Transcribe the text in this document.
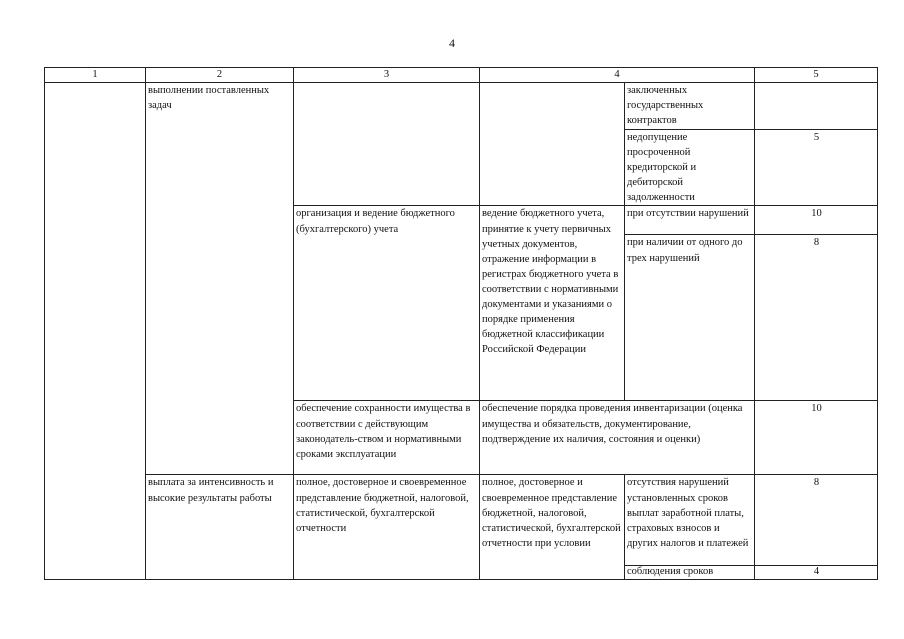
4
1	2	3	4		5
	выполнении поставленных задач			заключенных государственных контрактов	
				недопущение просроченной кредиторской и дебиторской задолженности	5
		организация и ведение бюджетного (бухгалтерского) учета	ведение бюджетного учета, принятие к учету первичных учетных документов, отражение информации в регистрах бюджетного учета в соответствии с нормативными документами и указаниями о порядке применения бюджетной классификации Российской Федерации	при отсутствии нарушений	10
				при наличии от одного до трех нарушений	8
		обеспечение сохранности имущества в соответствии с действующим законодатель-ством и нормативными сроками эксплуатации	обеспечение порядка проведения инвентаризации (оценка имущества и обязательств, документирование, подтверждение их наличия, состояния и оценки)		10
	выплата за интенсивность и высокие результаты работы	полное, достоверное и своевременное представление бюджетной, налоговой, статистической, бухгалтерской отчетности	полное, достоверное и своевременное представление бюджетной, налоговой, статистической, бухгалтерской отчетности при условии	отсутствия нарушений установленных сроков выплат заработной платы, страховых взносов и других налогов и платежей	8
				соблюдения сроков	4
